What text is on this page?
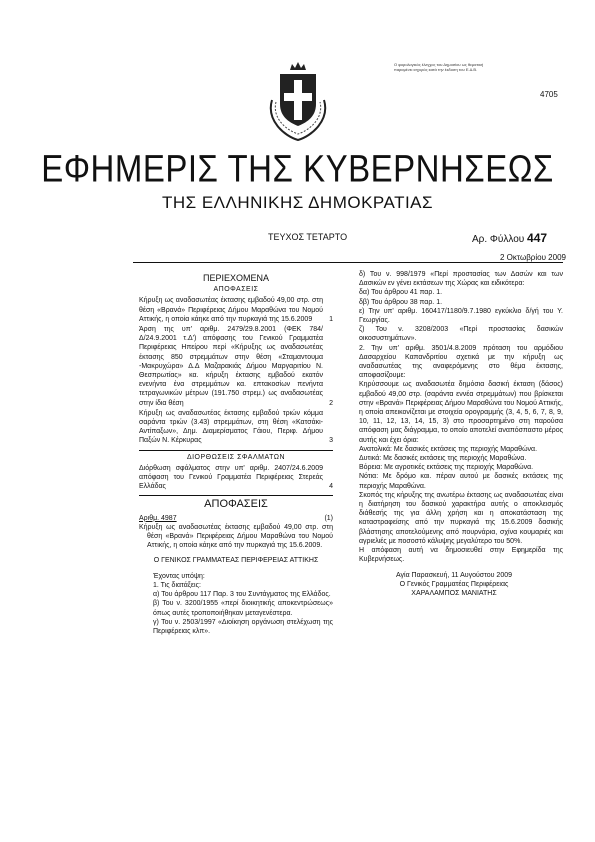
Ο φορολογικός έλεγχος του Δημοσίου ως θεματική παραμένει ισχυρός κατά την έκδοση του Ε.Δ.Β.
4705
ΕΦΗΜΕΡΙΣ ΤΗΣ ΚΥΒΕΡΝΗΣΕΩΣ
ΤΗΣ ΕΛΛΗΝΙΚΗΣ ΔΗΜΟΚΡΑΤΙΑΣ
ΤΕΥΧΟΣ ΤΕΤΑΡΤΟ	Αρ. Φύλλου 447
2 Οκτωβρίου 2009
ΠΕΡΙΕΧΟΜΕΝΑ
ΑΠΟΦΑΣΕΙΣ
Κήρυξη ως αναδασωτέας έκτασης εμβαδού 49,00 στρ. στη θέση «Βρανά» Περιφέρειας Δήμου Μαραθώνα του Νομού Αττικής, η οποία κάηκε από την πυρκαγιά της 15.6.2009 1
Άρση της υπ' αριθμ. 2479/29.8.2001 (ΦΕΚ 784/Δ/24.9.2001 τ.Δ') απόφασης του Γενικού Γραμματέα Περιφέρειας Ηπείρου περί «Κήρυξης ως αναδασωτέας έκτασης 850 στρεμμάτων στην θέση «Σταμαντουμα -Μακρυχώρα» Δ.Δ Μαζαρακιάς Δήμου Μαργαριτίου Ν. Θεσπρωτίας» κα. κήρυξη έκτασης εμβαδού εκατόν ενενήντα ένα στρεμμάτων κα. επτακοσίων πενήντα τετραγωνικών μέτρων (191.750 στρεμ.) ως αναδασωτέας στην ίδια θέση	2
Κήρυξη ως αναδασωτέας έκτασης εμβαδού τριών κόμμα σαράντα τριών (3.43) στρεμμάτων, στη θέση «Κατσάκι-Αντίπαξων», Δημ. Διαμερίσματος Γάιου, Περιφ. Δήμου Παξών Ν. Κέρκυρας	3
ΔΙΟΡΘΩΣΕΙΣ ΣΦΑΛΜΑΤΩΝ
Διόρθωση σφάλματος στην υπ' αριθμ. 2407/24.6.2009 απόφαση του Γενικού Γραμματέα Περιφέρειας Στερεάς Ελλάδας	4
ΑΠΟΦΑΣΕΙΣ
Αριθμ. 4987	(1)
Κήρυξη ως αναδασωτέας έκτασης εμβαδού 49,00 στρ. στη θέση «Βρανά» Περιφέρειας Δήμου Μαραθώνα του Νομού Αττικής, η οποία κάηκε από την πυρκαγιά της 15.6.2009.
Ο ΓΕΝΙΚΟΣ ΓΡΑΜΜΑΤΕΑΣ ΠΕΡΙΦΕΡΕΙΑΣ ΑΤΤΙΚΗΣ
Έχοντας υπόψη:
1. Τις διατάξεις:
α) Του άρθρου 117 Παρ. 3 του Συντάγματος της Ελλάδος.
β) Του ν. 3200/1955 «περί διοικητικής αποκεντρώσεως» όπως αυτές τροποποιήθηκαν μεταγενέστερα.
γ) Του ν. 2503/1997 «Διοίκηση οργάνωση στελέχωση της Περιφέρειας κλπ».
δ) Του ν. 998/1979 «Περί προστασίας των Δασών και των Δασικών εν γένει εκτάσεων της Χώρας και ειδικότερα:
δα) Του άρθρου 41 παρ. 1.
δβ) Του άρθρου 38 παρ. 1.
ε) Την υπ' αριθμ. 160417/1180/9.7.1980 εγκύκλιο δ/γή του Υ. Γεωργίας.
ζ) Του ν. 3208/2003 «Περί προστασίας δασικών οικοσυστημάτων».
2. Την υπ' αριθμ. 3501/4.8.2009 πρόταση του αρμόδιου Δασαρχείου Καπανδριτίου σχετικά με την κήρυξη ως αναδασωτέας της αναφερόμενης στο θέμα έκτασης, αποφασίζουμε:
Κηρύσσουμε ως αναδασωτέα δημόσια δασική έκταση (δάσος) εμβαδού 49,00 στρ. (σαράντα εννέα στρεμμάτων) που βρίσκεται στην «Βρανά» Περιφέρειας Δήμου Μαραθώνα του Νομού Αττικής, η οποία απεικονίζεται με στοιχεία ορογραμμής (3, 4, 5, 6, 7, 8, 9, 10, 11, 12, 13, 14, 15, 3) στο προσαρτημένο στη παρούσα απόφαση μας διάγραμμα, το οποίο αποτελεί αναπόσπαστο μέρος αυτής και έχει όρια:
Ανατολικά: Με δασικές εκτάσεις της περιοχής Μαραθώνα.
Δυτικά: Με δασικές εκτάσεις της περιοχής Μαραθώνα.
Βόρεια: Με αγροτικές εκτάσεις της περιοχής Μαραθώνα.
Νότια: Με δρόμο και. πέραν αυτού με δασικές εκτάσεις της περιοχής Μαραθώνα.
Σκοπός της κήρυξης της ανωτέρω έκτασης ως αναδασωτέας είναι η διατήρηση του δασικού χαρακτήρα αυτής ο αποκλεισμός διάθεσής της για άλλη χρήση και η αποκατάσταση της καταστραφείσης από την πυρκαγιά της 15.6.2009 δασικής βλάστησης αποτελούμενης από πουρνάρια, σχίνα κουμαριές και αγριελιές με ποσοστό κάλυψης μεγαλύτερο του 50%.
Η απόφαση αυτή να δημοσιευθεί στην Εφημερίδα της Κυβερνήσεως.
Αγία Παρασκευή, 11 Αυγούστου 2009
Ο Γενικός Γραμματέας Περιφέρειας
ΧΑΡΑΛΑΜΠΟΣ ΜΑΝΙΑΤΗΣ
